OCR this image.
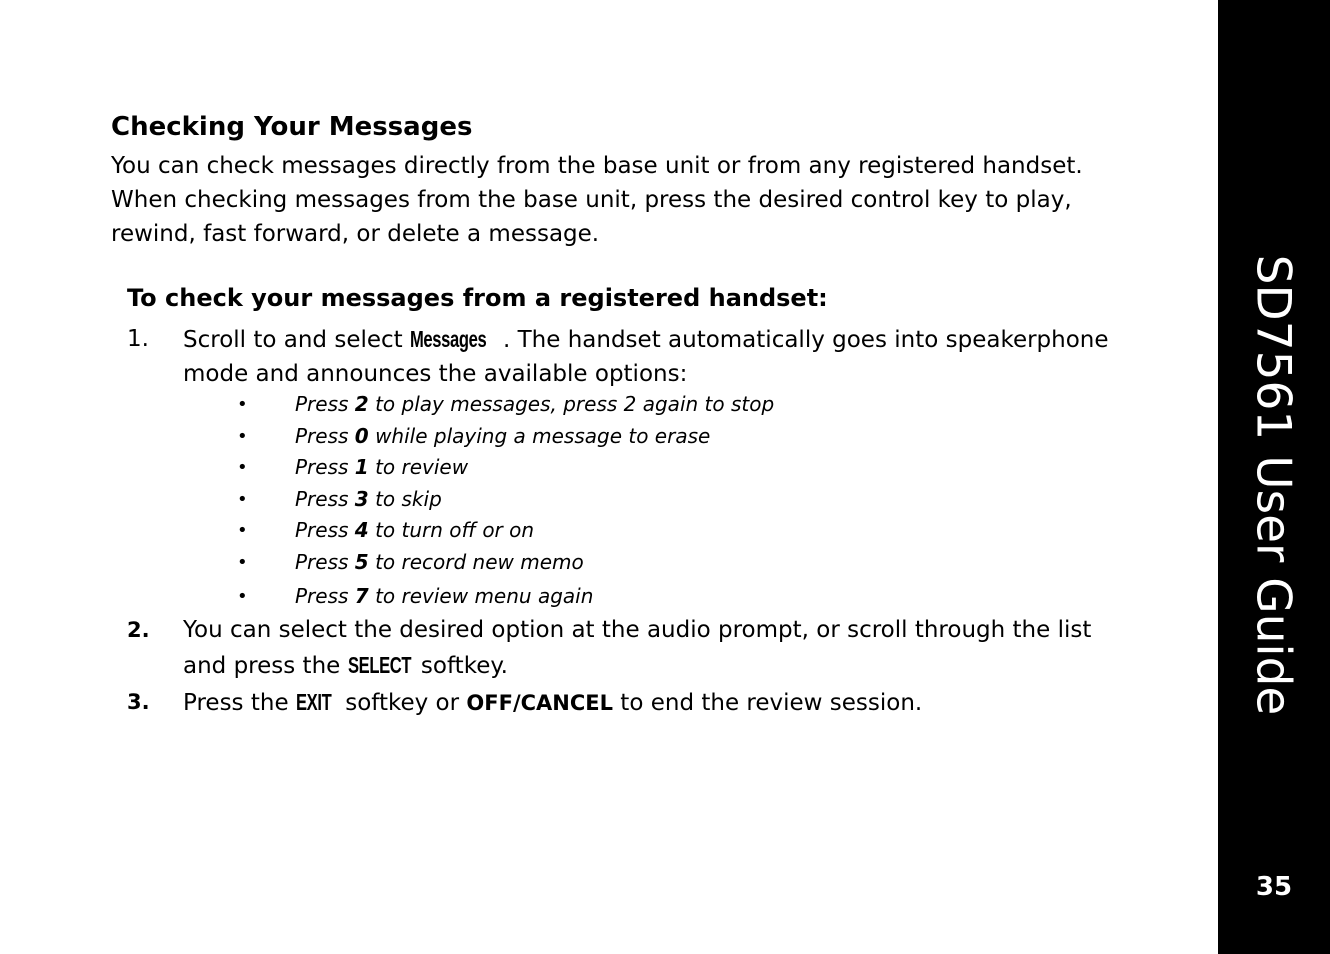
SD7561 User Guide
35
Checking Your Messages

You can check messages directly from the base unit or from any registered handset. When checking messages from the base unit, press the desired control key to play, rewind, fast forward, or delete a message.

To check your messages from a registered handset:
1. Scroll to and select Messages . The handset automatically goes into speakerphone mode and announces the available options:
• Press 2 to play messages, press 2 again to stop
• Press 0 while playing a message to erase
• Press 1 to review
• Press 3 to skip
• Press 4 to turn off or on
• Press 5 to record new memo
• Press 7 to review menu again
2. You can select the desired option at the audio prompt, or scroll through the list and press the SELECT softkey.
3. Press the EXIT softkey or OFF/CANCEL to end the review session.
